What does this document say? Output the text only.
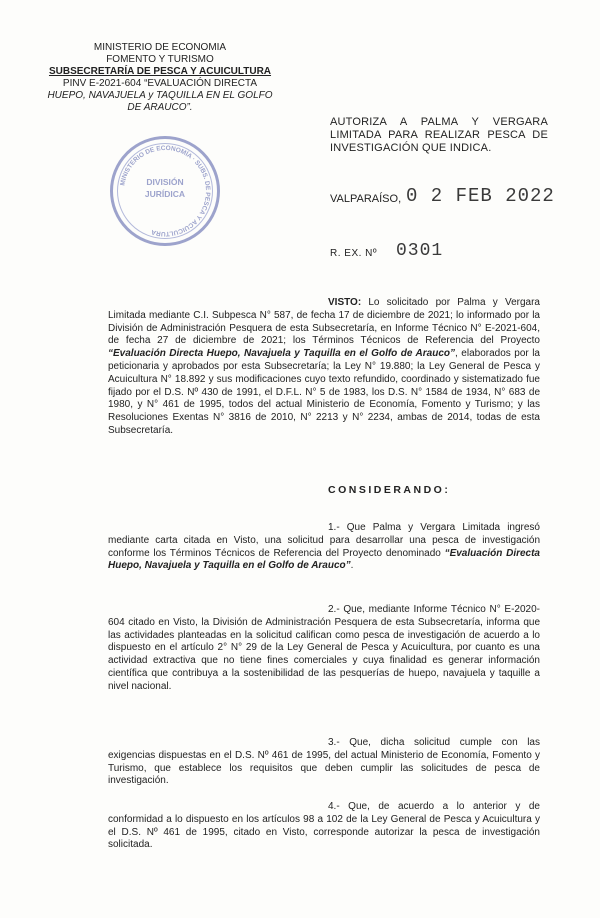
MINISTERIO DE ECONOMIA
FOMENTO Y TURISMO
SUBSECRETARÍA DE PESCA Y ACUICULTURA
PINV E-2021-604 “EVALUACIÓN DIRECTA
HUEPO, NAVAJUELA y TAQUILLA EN EL GOLFO
DE ARAUCO”.
AUTORIZA A PALMA Y VERGARA LIMITADA PARA REALIZAR PESCA DE INVESTIGACIÓN QUE INDICA.
MINISTERIO DE ECONOMÍA · SUBS. DE PESCA Y ACUICULTURA
DIVISIÓN
JURÍDICA	VALPARAÍSO, 0 2 FEB 2022
R. EX. Nº 0301
VISTO: Lo solicitado por Palma y Vergara Limitada mediante C.I. Subpesca N° 587, de fecha 17 de diciembre de 2021; lo informado por la División de Administración Pesquera de esta Subsecretaría, en Informe Técnico N° E-2021-604, de fecha 27 de diciembre de 2021; los Términos Técnicos de Referencia del Proyecto “Evaluación Directa Huepo, Navajuela y Taquilla en el Golfo de Arauco”, elaborados por la peticionaria y aprobados por esta Subsecretaría; la Ley N° 19.880; la Ley General de Pesca y Acuicultura N° 18.892 y sus modificaciones cuyo texto refundido, coordinado y sistematizado fue fijado por el D.S. Nº 430 de 1991, el D.F.L. N° 5 de 1983, los D.S. N° 1584 de 1934, N° 683 de 1980, y N° 461 de 1995, todos del actual Ministerio de Economía, Fomento y Turismo; y las Resoluciones Exentas N° 3816 de 2010, N° 2213 y N° 2234, ambas de 2014, todas de esta Subsecretaría.
CONSIDERANDO:
1.- Que Palma y Vergara Limitada ingresó mediante carta citada en Visto, una solicitud para desarrollar una pesca de investigación conforme los Términos Técnicos de Referencia del Proyecto denominado “Evaluación Directa Huepo, Navajuela y Taquilla en el Golfo de Arauco”.
2.- Que, mediante Informe Técnico N° E-2020-604 citado en Visto, la División de Administración Pesquera de esta Subsecretaría, informa que las actividades planteadas en la solicitud califican como pesca de investigación de acuerdo a lo dispuesto en el artículo 2° N° 29 de la Ley General de Pesca y Acuicultura, por cuanto es una actividad extractiva que no tiene fines comerciales y cuya finalidad es generar información científica que contribuya a la sostenibilidad de las pesquerías de huepo, navajuela y taquille a nivel nacional.
3.- Que, dicha solicitud cumple con las exigencias dispuestas en el D.S. Nº 461 de 1995, del actual Ministerio de Economía, Fomento y Turismo, que establece los requisitos que deben cumplir las solicitudes de pesca de investigación.
4.- Que, de acuerdo a lo anterior y de conformidad a lo dispuesto en los artículos 98 a 102 de la Ley General de Pesca y Acuicultura y el D.S. Nº 461 de 1995, citado en Visto, corresponde autorizar la pesca de investigación solicitada.
